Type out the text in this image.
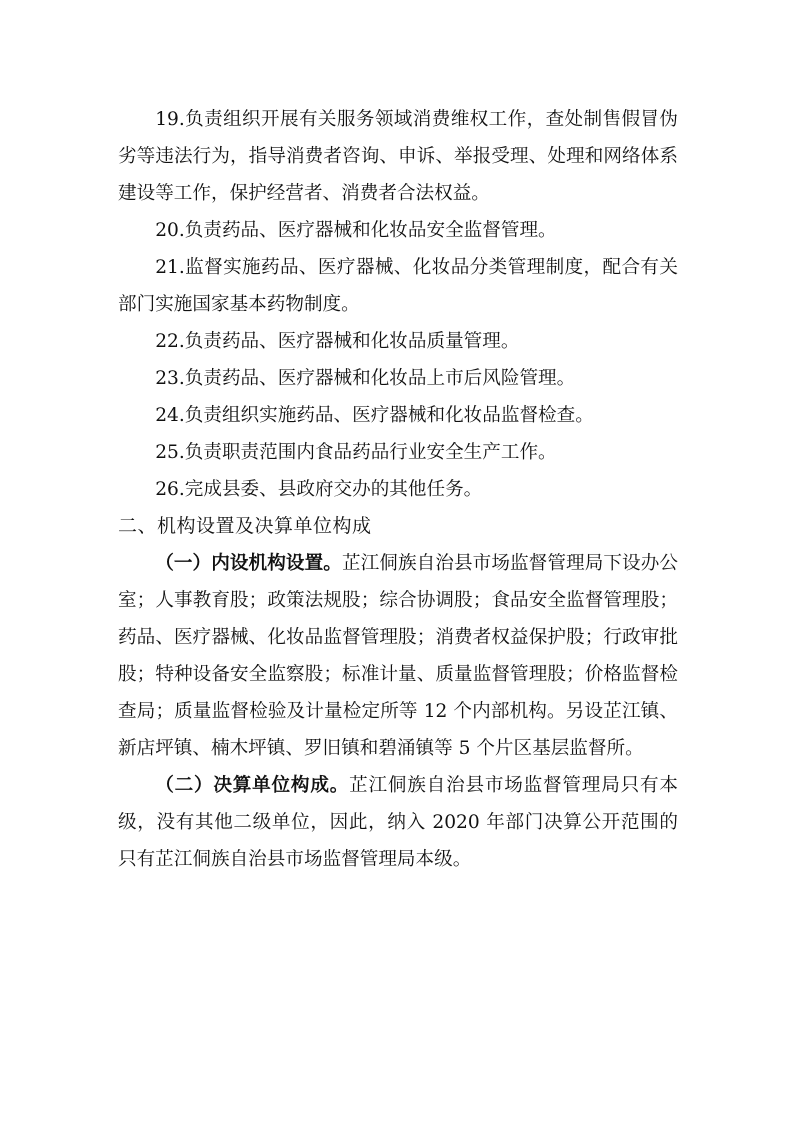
19.负责组织开展有关服务领域消费维权工作，查处制售假冒伪劣等违法行为，指导消费者咨询、申诉、举报受理、处理和网络体系建设等工作，保护经营者、消费者合法权益。

20.负责药品、医疗器械和化妆品安全监督管理。

21.监督实施药品、医疗器械、化妆品分类管理制度，配合有关部门实施国家基本药物制度。

22.负责药品、医疗器械和化妆品质量管理。

23.负责药品、医疗器械和化妆品上市后风险管理。

24.负责组织实施药品、医疗器械和化妆品监督检查。

25.负责职责范围内食品药品行业安全生产工作。

26.完成县委、县政府交办的其他任务。

二、机构设置及决算单位构成

（一）内设机构设置。芷江侗族自治县市场监督管理局下设办公室；人事教育股；政策法规股；综合协调股；食品安全监督管理股；药品、医疗器械、化妆品监督管理股；消费者权益保护股；行政审批股；特种设备安全监察股；标准计量、质量监督管理股；价格监督检查局；质量监督检验及计量检定所等 12 个内部机构。另设芷江镇、新店坪镇、楠木坪镇、罗旧镇和碧涌镇等 5 个片区基层监督所。

（二）决算单位构成。芷江侗族自治县市场监督管理局只有本级，没有其他二级单位，因此，纳入 2020 年部门决算公开范围的只有芷江侗族自治县市场监督管理局本级。
